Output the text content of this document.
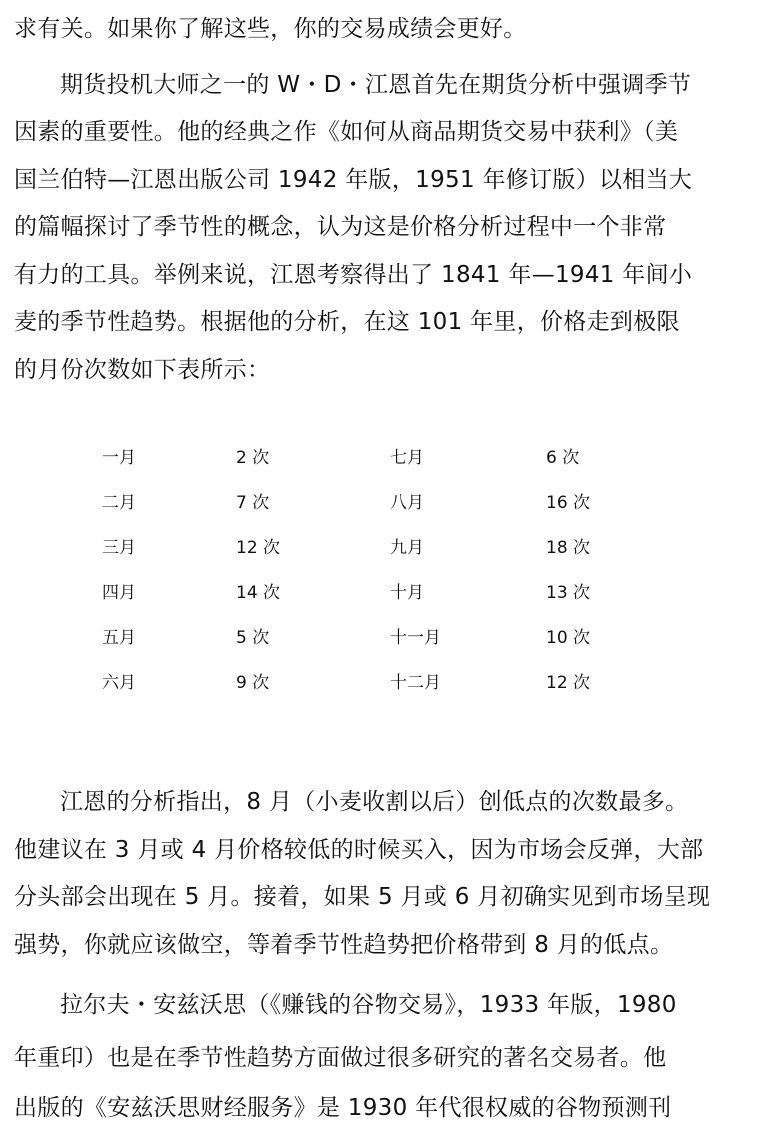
求有关。如果你了解这些，你的交易成绩会更好。
期货投机大师之一的 W・D・江恩首先在期货分析中强调季节
因素的重要性。他的经典之作《如何从商品期货交易中获利》（美
国兰伯特—江恩出版公司 1942 年版，1951 年修订版）以相当大
的篇幅探讨了季节性的概念，认为这是价格分析过程中一个非常
有力的工具。举例来说，江恩考察得出了 1841 年—1941 年间小
麦的季节性趋势。根据他的分析，在这 101 年里，价格走到极限
的月份次数如下表所示：
一月	2 次	七月	6 次
二月	7 次	八月	16 次
三月	12 次	九月	18 次
四月	14 次	十月	13 次
五月	5 次	十一月	10 次
六月	9 次	十二月	12 次
江恩的分析指出，8 月（小麦收割以后）创低点的次数最多。
他建议在 3 月或 4 月价格较低的时候买入，因为市场会反弹，大部
分头部会出现在 5 月。接着，如果 5 月或 6 月初确实见到市场呈现
强势，你就应该做空，等着季节性趋势把价格带到 8 月的低点。
拉尔夫・安兹沃思（《赚钱的谷物交易》，1933 年版，1980
年重印）也是在季节性趋势方面做过很多研究的著名交易者。他
出版的《安兹沃思财经服务》是 1930 年代很权威的谷物预测刊
